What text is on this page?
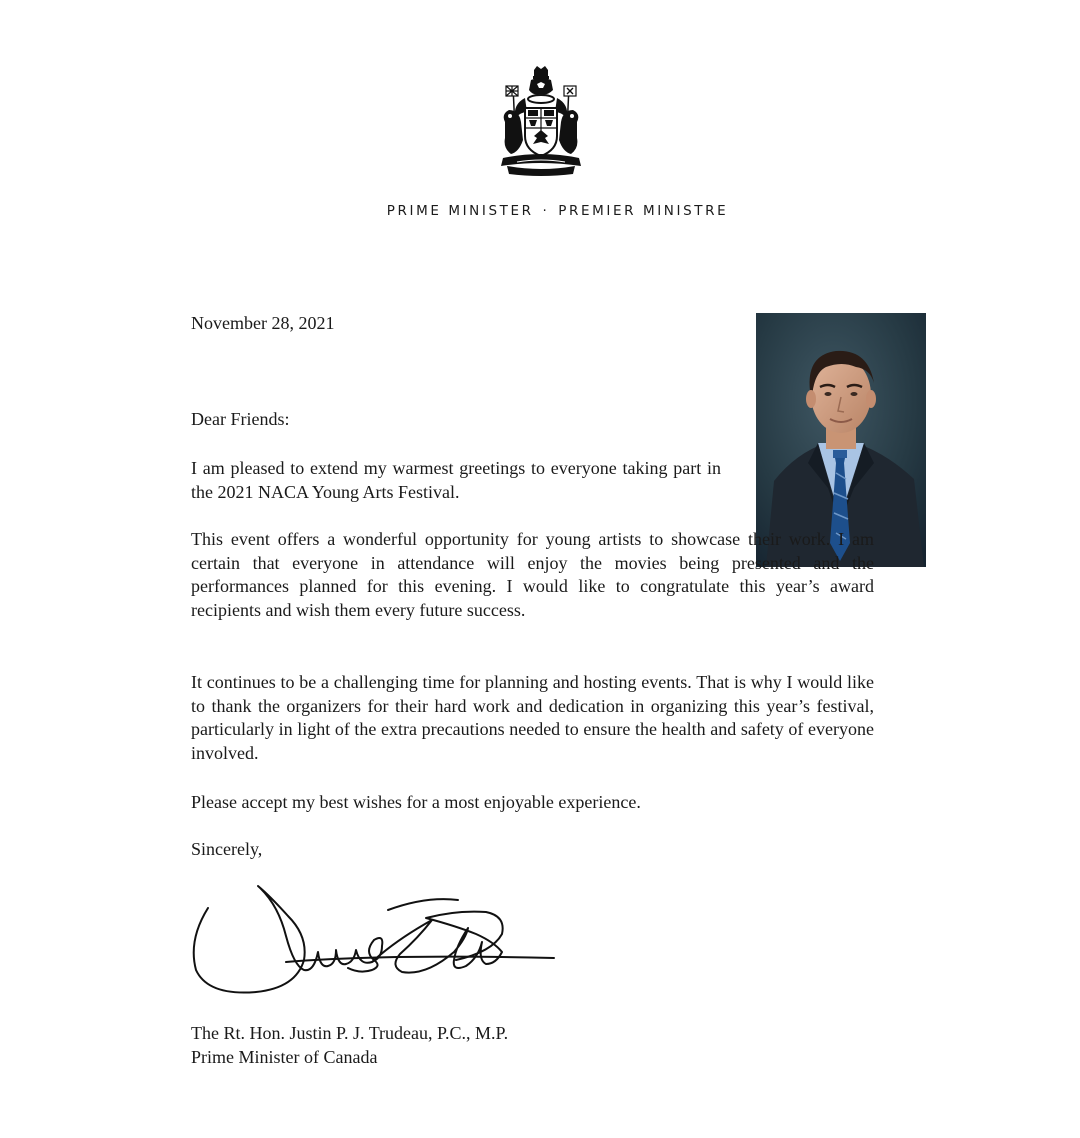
PRIME MINISTER · PREMIER MINISTRE
November 28, 2021
Dear Friends:

I am pleased to extend my warmest greetings to everyone taking part in the 2021 NACA Young Arts Festival.

This event offers a wonderful opportunity for young artists to showcase their work. I am certain that everyone in attendance will enjoy the movies being presented and the performances planned for this evening. I would like to congratulate this year’s award recipients and wish them every future success.

It continues to be a challenging time for planning and hosting events. That is why I would like to thank the organizers for their hard work and dedication in organizing this year’s festival, particularly in light of the extra precautions needed to ensure the health and safety of everyone involved.

Please accept my best wishes for a most enjoyable experience.

Sincerely,
The Rt. Hon. Justin P. J. Trudeau, P.C., M.P.
Prime Minister of Canada
